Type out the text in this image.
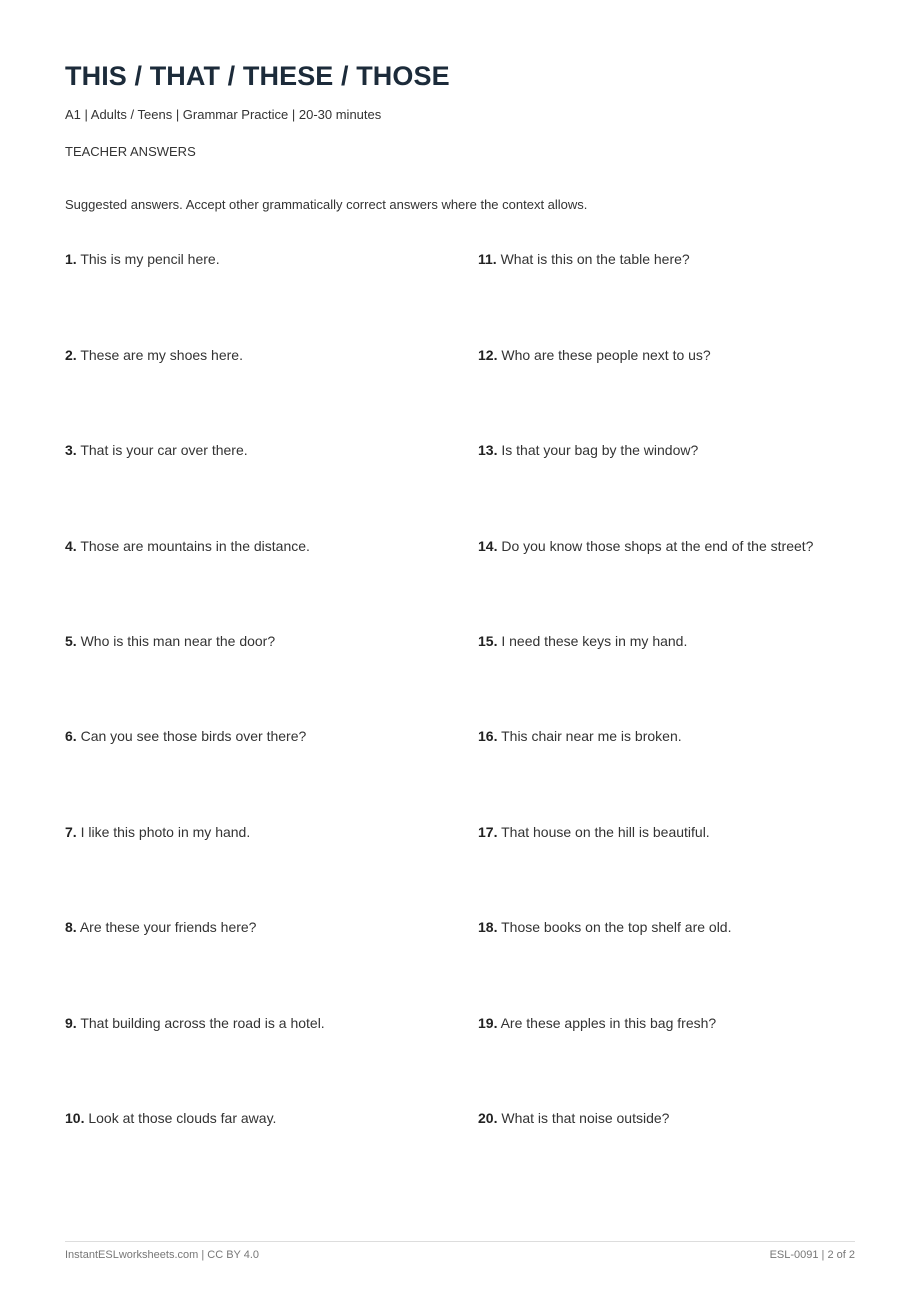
THIS / THAT / THESE / THOSE
A1 | Adults / Teens | Grammar Practice | 20-30 minutes
TEACHER ANSWERS
Suggested answers. Accept other grammatically correct answers where the context allows.
1. This is my pencil here.
2. These are my shoes here.
3. That is your car over there.
4. Those are mountains in the distance.
5. Who is this man near the door?
6. Can you see those birds over there?
7. I like this photo in my hand.
8. Are these your friends here?
9. That building across the road is a hotel.
10. Look at those clouds far away.
11. What is this on the table here?
12. Who are these people next to us?
13. Is that your bag by the window?
14. Do you know those shops at the end of the street?
15. I need these keys in my hand.
16. This chair near me is broken.
17. That house on the hill is beautiful.
18. Those books on the top shelf are old.
19. Are these apples in this bag fresh?
20. What is that noise outside?
InstantESLworksheets.com | CC BY 4.0	ESL-0091 | 2 of 2
